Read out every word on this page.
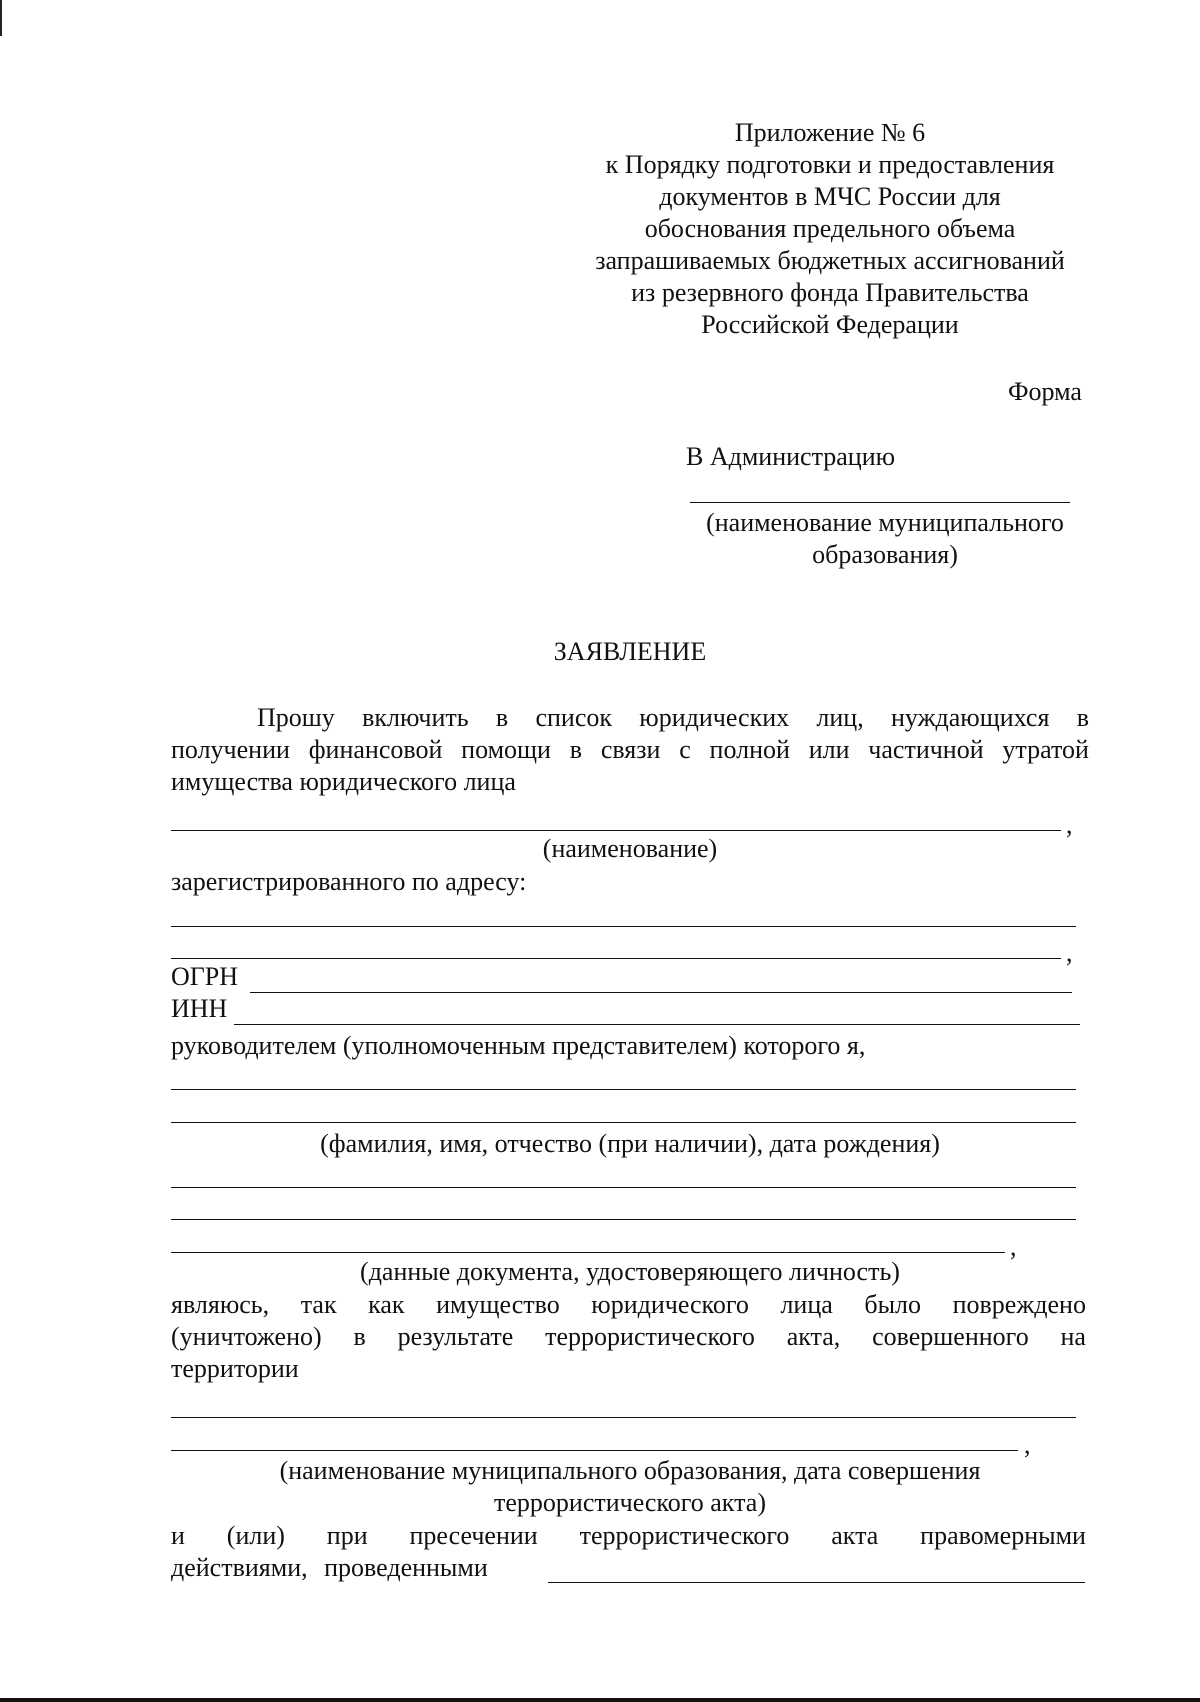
Приложение № 6
к Порядку подготовки и предоставления
документов в МЧС России для
обоснования предельного объема
запрашиваемых бюджетных ассигнований
из резервного фонда Правительства
Российской Федерации
Форма
В Администрацию
(наименование муниципального
образования)
ЗАЯВЛЕНИЕ
Прошу включить в список юридических лиц, нуждающихся в
получении финансовой помощи в связи с полной или частичной утратой
имущества юридического лица
,
(наименование)
зарегистрированного по адресу:
,
ОГРН
ИНН
руководителем (уполномоченным представителем) которого я,
(фамилия, имя, отчество (при наличии), дата рождения)
,
(данные документа, удостоверяющего личность)
являюсь, так как имущество юридического лица было повреждено
(уничтожено) в результате террористического акта, совершенного на
территории
,
(наименование муниципального образования, дата совершения
террористического акта)
и (или) при пресечении террористического акта правомерными
действиями, проведенными
